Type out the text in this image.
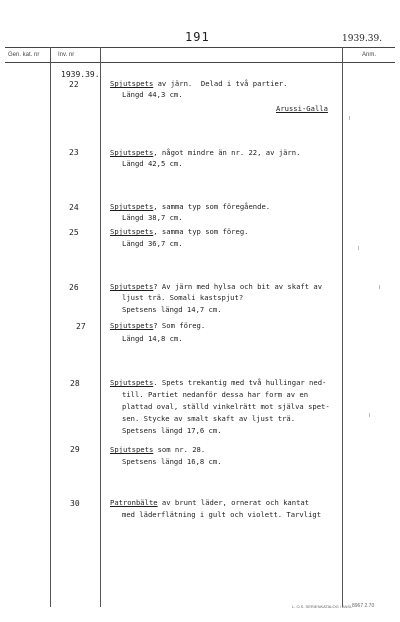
191	1939.39.
Gen. kat. nr	Inv. nr	Anm.
1939.39.
22	Spjutspets av järn.  Delad i två partier.
Längd 44,3 cm.
Arussi-Galla
23	Spjutspets, något mindre än nr. 22, av järn.
Längd 42,5 cm.
24	Spjutspets, samma typ som föregående.
Längd 38,7 cm.
25	Spjutspets, samma typ som föreg.
Längd 36,7 cm.
26	Spjutspets? Av järn med hylsa och bit av skaft av
ljust trä. Somali kastspjut?
Spetsens längd 14,7 cm.
27	Spjutspets? Som föreg.
Längd 14,8 cm.
28	Spjutspets. Spets trekantig med två hullingar ned-
till. Partiet nedanför dessa har form av en
plattad oval, ställd vinkelrätt mot själva spet-
sen. Stycke av smalt skaft av ljust trä.
Spetsens längd 17,6 cm.
29	Spjutspets som nr. 28.
Spetsens längd 16,8 cm.
30	Patronbälte av brunt läder, ornerat och kantat
med läderflätning i gult och violett. Tarvligt
L. O.S. SERIENKATALOG / ANSL 8967 2.70
